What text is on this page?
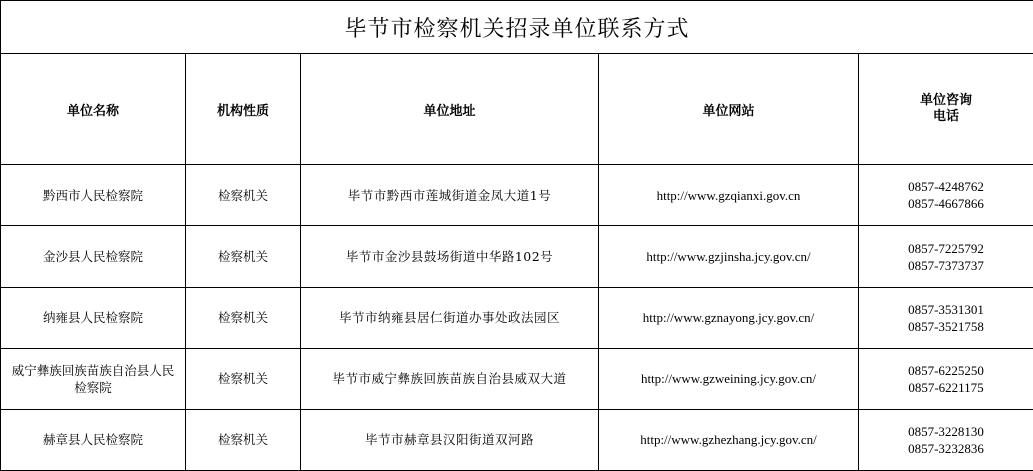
毕节市检察机关招录单位联系方式				
单位名称	机构性质	单位地址	单位网站	单位咨询
电话

黔西市人民检察院	检察机关	毕节市黔西市莲城街道金凤大道1号	http://www.gzqianxi.gov.cn	0857-4248762
0857-4667866

金沙县人民检察院	检察机关	毕节市金沙县鼓场街道中华路102号	http://www.gzjinsha.jcy.gov.cn/	0857-7225792
0857-7373737

纳雍县人民检察院	检察机关	毕节市纳雍县居仁街道办事处政法园区	http://www.gznayong.jcy.gov.cn/	0857-3531301
0857-3521758

威宁彝族回族苗族自治县人民检察院	检察机关	毕节市威宁彝族回族苗族自治县威双大道	http://www.gzweining.jcy.gov.cn/	0857-6225250
0857-6221175

赫章县人民检察院	检察机关	毕节市赫章县汉阳街道双河路	http://www.gzhezhang.jcy.gov.cn/	0857-3228130
0857-3232836
